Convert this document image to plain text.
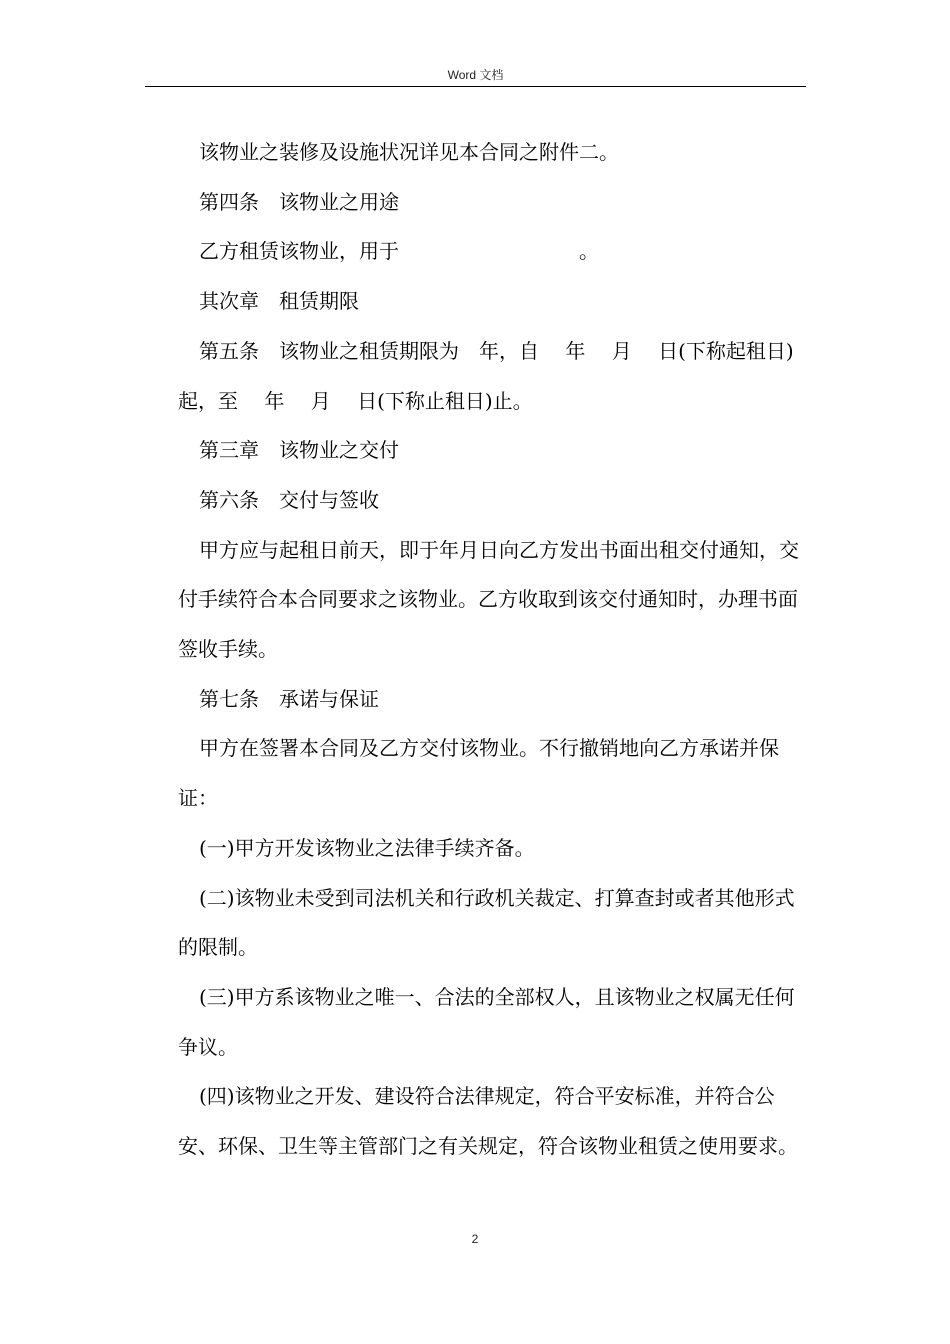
Word 文档

该物业之装修及设施状况详见本合同之附件二。

第四条　该物业之用途

乙方租赁该物业，用于　　　　　　　　　。

其次章　租赁期限

第五条　该物业之租赁期限为　年，自　 年　 月　 日(下称起租日)起，至　 年　 月　 日(下称止租日)止。

第三章　该物业之交付

第六条　交付与签收

甲方应与起租日前天，即于年月日向乙方发出书面出租交付通知，交付手续符合本合同要求之该物业。乙方收取到该交付通知时，办理书面签收手续。

第七条　承诺与保证

甲方在签署本合同及乙方交付该物业。不行撤销地向乙方承诺并保证：

(一)甲方开发该物业之法律手续齐备。

(二)该物业未受到司法机关和行政机关裁定、打算查封或者其他形式的限制。

(三)甲方系该物业之唯一、合法的全部权人，且该物业之权属无任何争议。

(四)该物业之开发、建设符合法律规定，符合平安标准，并符合公安、环保、卫生等主管部门之有关规定，符合该物业租赁之使用要求。

2
